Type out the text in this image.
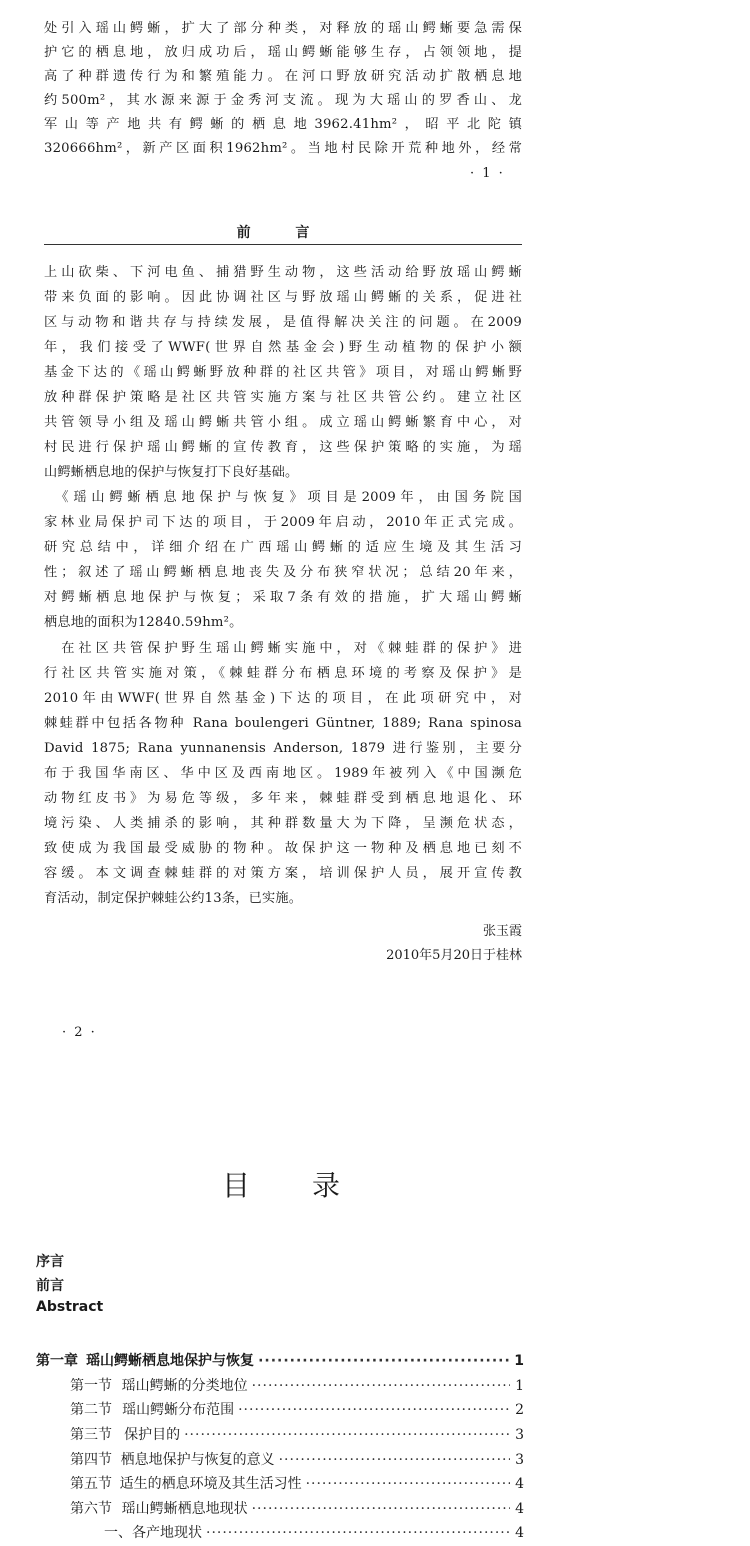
处引入瑶山鳄蜥，扩大了部分种类，对释放的瑶山鳄蜥要急需保
护它的栖息地，放归成功后，瑶山鳄蜥能够生存，占领领地，提
高了种群遗传行为和繁殖能力。在河口野放研究活动扩散栖息地
约500m²，其水源来源于金秀河支流。现为大瑶山的罗香山、龙
军山等产地共有鳄蜥的栖息地3962.41hm²，昭平北陀镇
320666hm²，新产区面积1962hm²。当地村民除开荒种地外，经常
· 1 ·
前 言
上山砍柴、下河电鱼、捕猎野生动物，这些活动给野放瑶山鳄蜥
带来负面的影响。因此协调社区与野放瑶山鳄蜥的关系，促进社
区与动物和谐共存与持续发展，是值得解决关注的问题。在2009
年，我们接受了WWF(世界自然基金会)野生动植物的保护小额
基金下达的《瑶山鳄蜥野放种群的社区共管》项目，对瑶山鳄蜥野
放种群保护策略是社区共管实施方案与社区共管公约。建立社区
共管领导小组及瑶山鳄蜥共管小组。成立瑶山鳄蜥繁育中心，对
村民进行保护瑶山鳄蜥的宣传教育，这些保护策略的实施，为瑶
山鳄蜥栖息地的保护与恢复打下良好基础。
　《瑶山鳄蜥栖息地保护与恢复》项目是2009年，由国务院国
家林业局保护司下达的项目，于2009年启动，2010年正式完成。
研究总结中，详细介绍在广西瑶山鳄蜥的适应生境及其生活习
性；叙述了瑶山鳄蜥栖息地丧失及分布狭窄状况；总结20年来，
对鳄蜥栖息地保护与恢复；采取7条有效的措施，扩大瑶山鳄蜥
栖息地的面积为12840.59hm²。
　在社区共管保护野生瑶山鳄蜥实施中，对《棘蛙群的保护》进
行社区共管实施对策，《棘蛙群分布栖息环境的考察及保护》是
2010年由WWF(世界自然基金)下达的项目，在此项研究中，对
棘蛙群中包括各物种 Rana boulengeri Güntner, 1889; Rana spinosa
David 1875; Rana yunnanensis Anderson, 1879 进行鉴别，主要分
布于我国华南区、华中区及西南地区。1989年被列入《中国濒危
动物红皮书》为易危等级，多年来，棘蛙群受到栖息地退化、环
境污染、人类捕杀的影响，其种群数量大为下降，呈濒危状态，
致使成为我国最受威胁的物种。故保护这一物种及栖息地已刻不
容缓。本文调查棘蛙群的对策方案，培训保护人员，展开宣传教
育活动，制定保护棘蛙公约13条，已实施。
张玉霞
2010年5月20日于桂林
· 2 ·
目录
序言
前言
Abstract
第一章 瑶山鳄蜥栖息地保护与恢复 ·····	1
第一节 瑶山鳄蜥的分类地位 ·····	1
第二节 瑶山鳄蜥分布范围 ·····	2
第三节 保护目的 ·····	3
第四节 栖息地保护与恢复的意义 ·····	3
第五节 适生的栖息环境及其生活习性 ·····	4
第六节 瑶山鳄蜥栖息地现状 ·····	4
一、各产地现状 ·····	4
